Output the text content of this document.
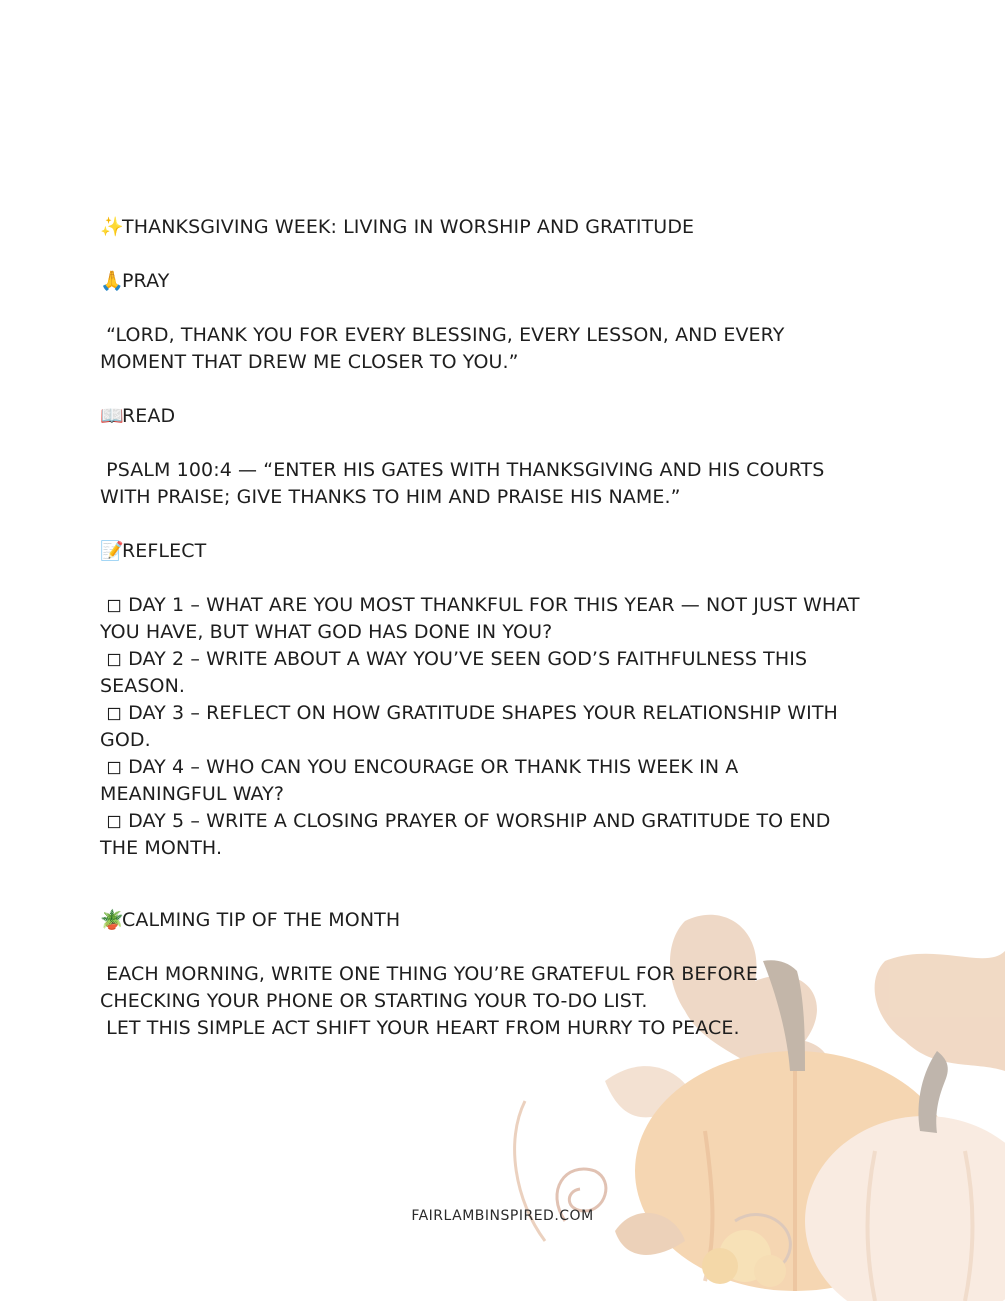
✨THANKSGIVING WEEK: LIVING IN WORSHIP AND GRATITUDE

🙏PRAY

“LORD, THANK YOU FOR EVERY BLESSING, EVERY LESSON, AND EVERY

MOMENT THAT DREW ME CLOSER TO YOU.”

📖READ

PSALM 100:4 — “ENTER HIS GATES WITH THANKSGIVING AND HIS COURTS

WITH PRAISE; GIVE THANKS TO HIM AND PRAISE HIS NAME.”

📝REFLECT

◻ DAY 1 – WHAT ARE YOU MOST THANKFUL FOR THIS YEAR — NOT JUST WHAT

YOU HAVE, BUT WHAT GOD HAS DONE IN YOU?

◻ DAY 2 – WRITE ABOUT A WAY YOU’VE SEEN GOD’S FAITHFULNESS THIS

SEASON.

◻ DAY 3 – REFLECT ON HOW GRATITUDE SHAPES YOUR RELATIONSHIP WITH

GOD.

◻ DAY 4 – WHO CAN YOU ENCOURAGE OR THANK THIS WEEK IN A

MEANINGFUL WAY?

◻ DAY 5 – WRITE A CLOSING PRAYER OF WORSHIP AND GRATITUDE TO END

THE MONTH.

🪴CALMING TIP OF THE MONTH

EACH MORNING, WRITE ONE THING YOU’RE GRATEFUL FOR BEFORE

CHECKING YOUR PHONE OR STARTING YOUR TO-DO LIST.

LET THIS SIMPLE ACT SHIFT YOUR HEART FROM HURRY TO PEACE.

FAIRLAMBINSPIRED.COM
